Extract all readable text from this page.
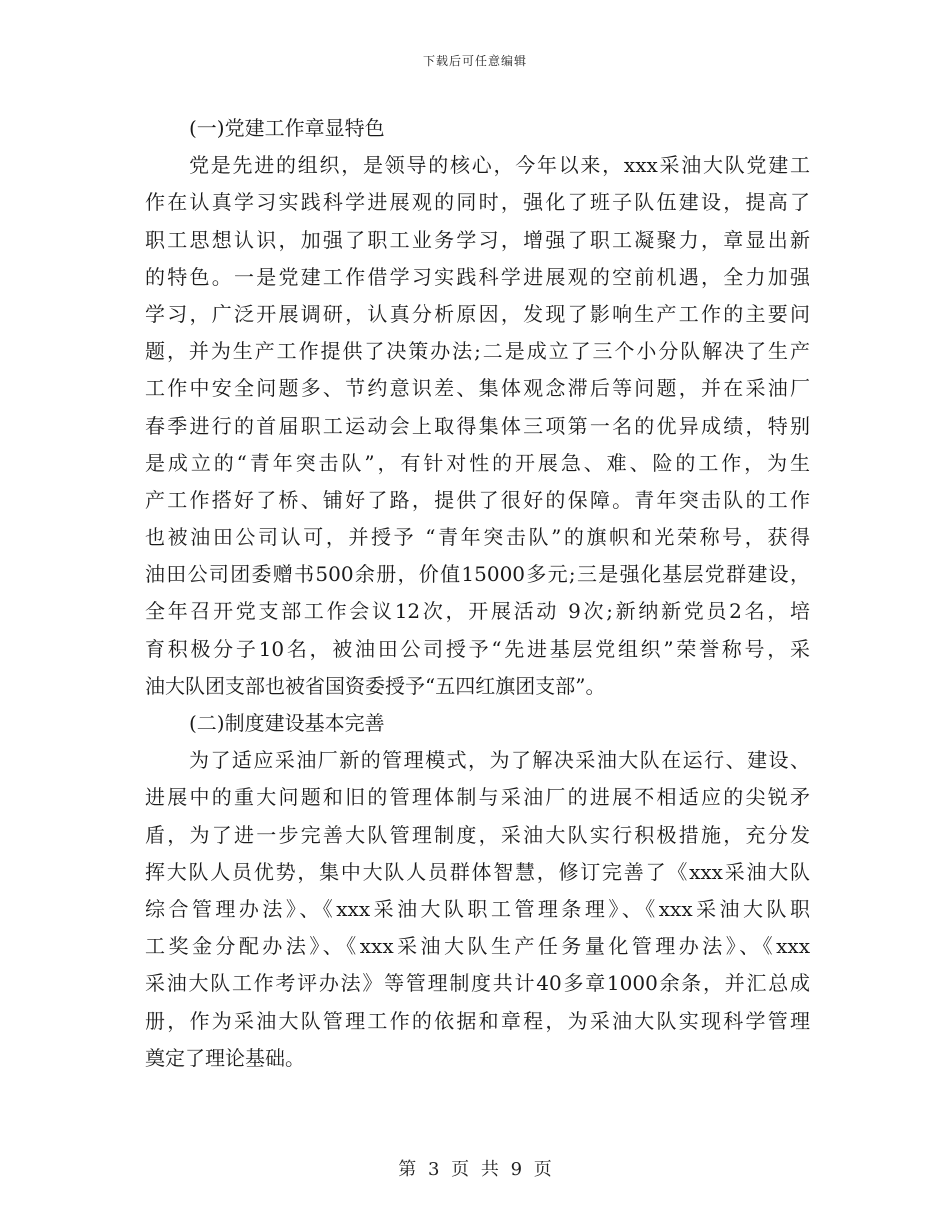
下载后可任意编辑
(一)党建工作章显特色
党是先进的组织，是领导的核心，今年以来，xxx采油大队党建工
作在认真学习实践科学进展观的同时，强化了班子队伍建设，提高了
职工思想认识，加强了职工业务学习，增强了职工凝聚力，章显出新
的特色。一是党建工作借学习实践科学进展观的空前机遇，全力加强
学习，广泛开展调研，认真分析原因，发现了影响生产工作的主要问
题，并为生产工作提供了决策办法;二是成立了三个小分队解决了生产
工作中安全问题多、节约意识差、集体观念滞后等问题，并在采油厂
春季进行的首届职工运动会上取得集体三项第一名的优异成绩，特别
是成立的“青年突击队”，有针对性的开展急、难、险的工作，为生
产工作搭好了桥、铺好了路，提供了很好的保障。青年突击队的工作
也被油田公司认可，并授予 “青年突击队”的旗帜和光荣称号，获得
油田公司团委赠书500余册，价值15000多元;三是强化基层党群建设，
全年召开党支部工作会议12次，开展活动 9次;新纳新党员2名，培
育积极分子10名，被油田公司授予“先进基层党组织”荣誉称号，采
油大队团支部也被省国资委授予“五四红旗团支部”。
(二)制度建设基本完善
为了适应采油厂新的管理模式，为了解决采油大队在运行、建设、
进展中的重大问题和旧的管理体制与采油厂的进展不相适应的尖锐矛
盾，为了进一步完善大队管理制度，采油大队实行积极措施，充分发
挥大队人员优势，集中大队人员群体智慧，修订完善了《xxx采油大队
综合管理办法》、《xxx采油大队职工管理条理》、《xxx采油大队职
工奖金分配办法》、《xxx采油大队生产任务量化管理办法》、《xxx
采油大队工作考评办法》等管理制度共计40多章1000余条，并汇总成
册，作为采油大队管理工作的依据和章程，为采油大队实现科学管理
奠定了理论基础。
第 3 页 共 9 页
